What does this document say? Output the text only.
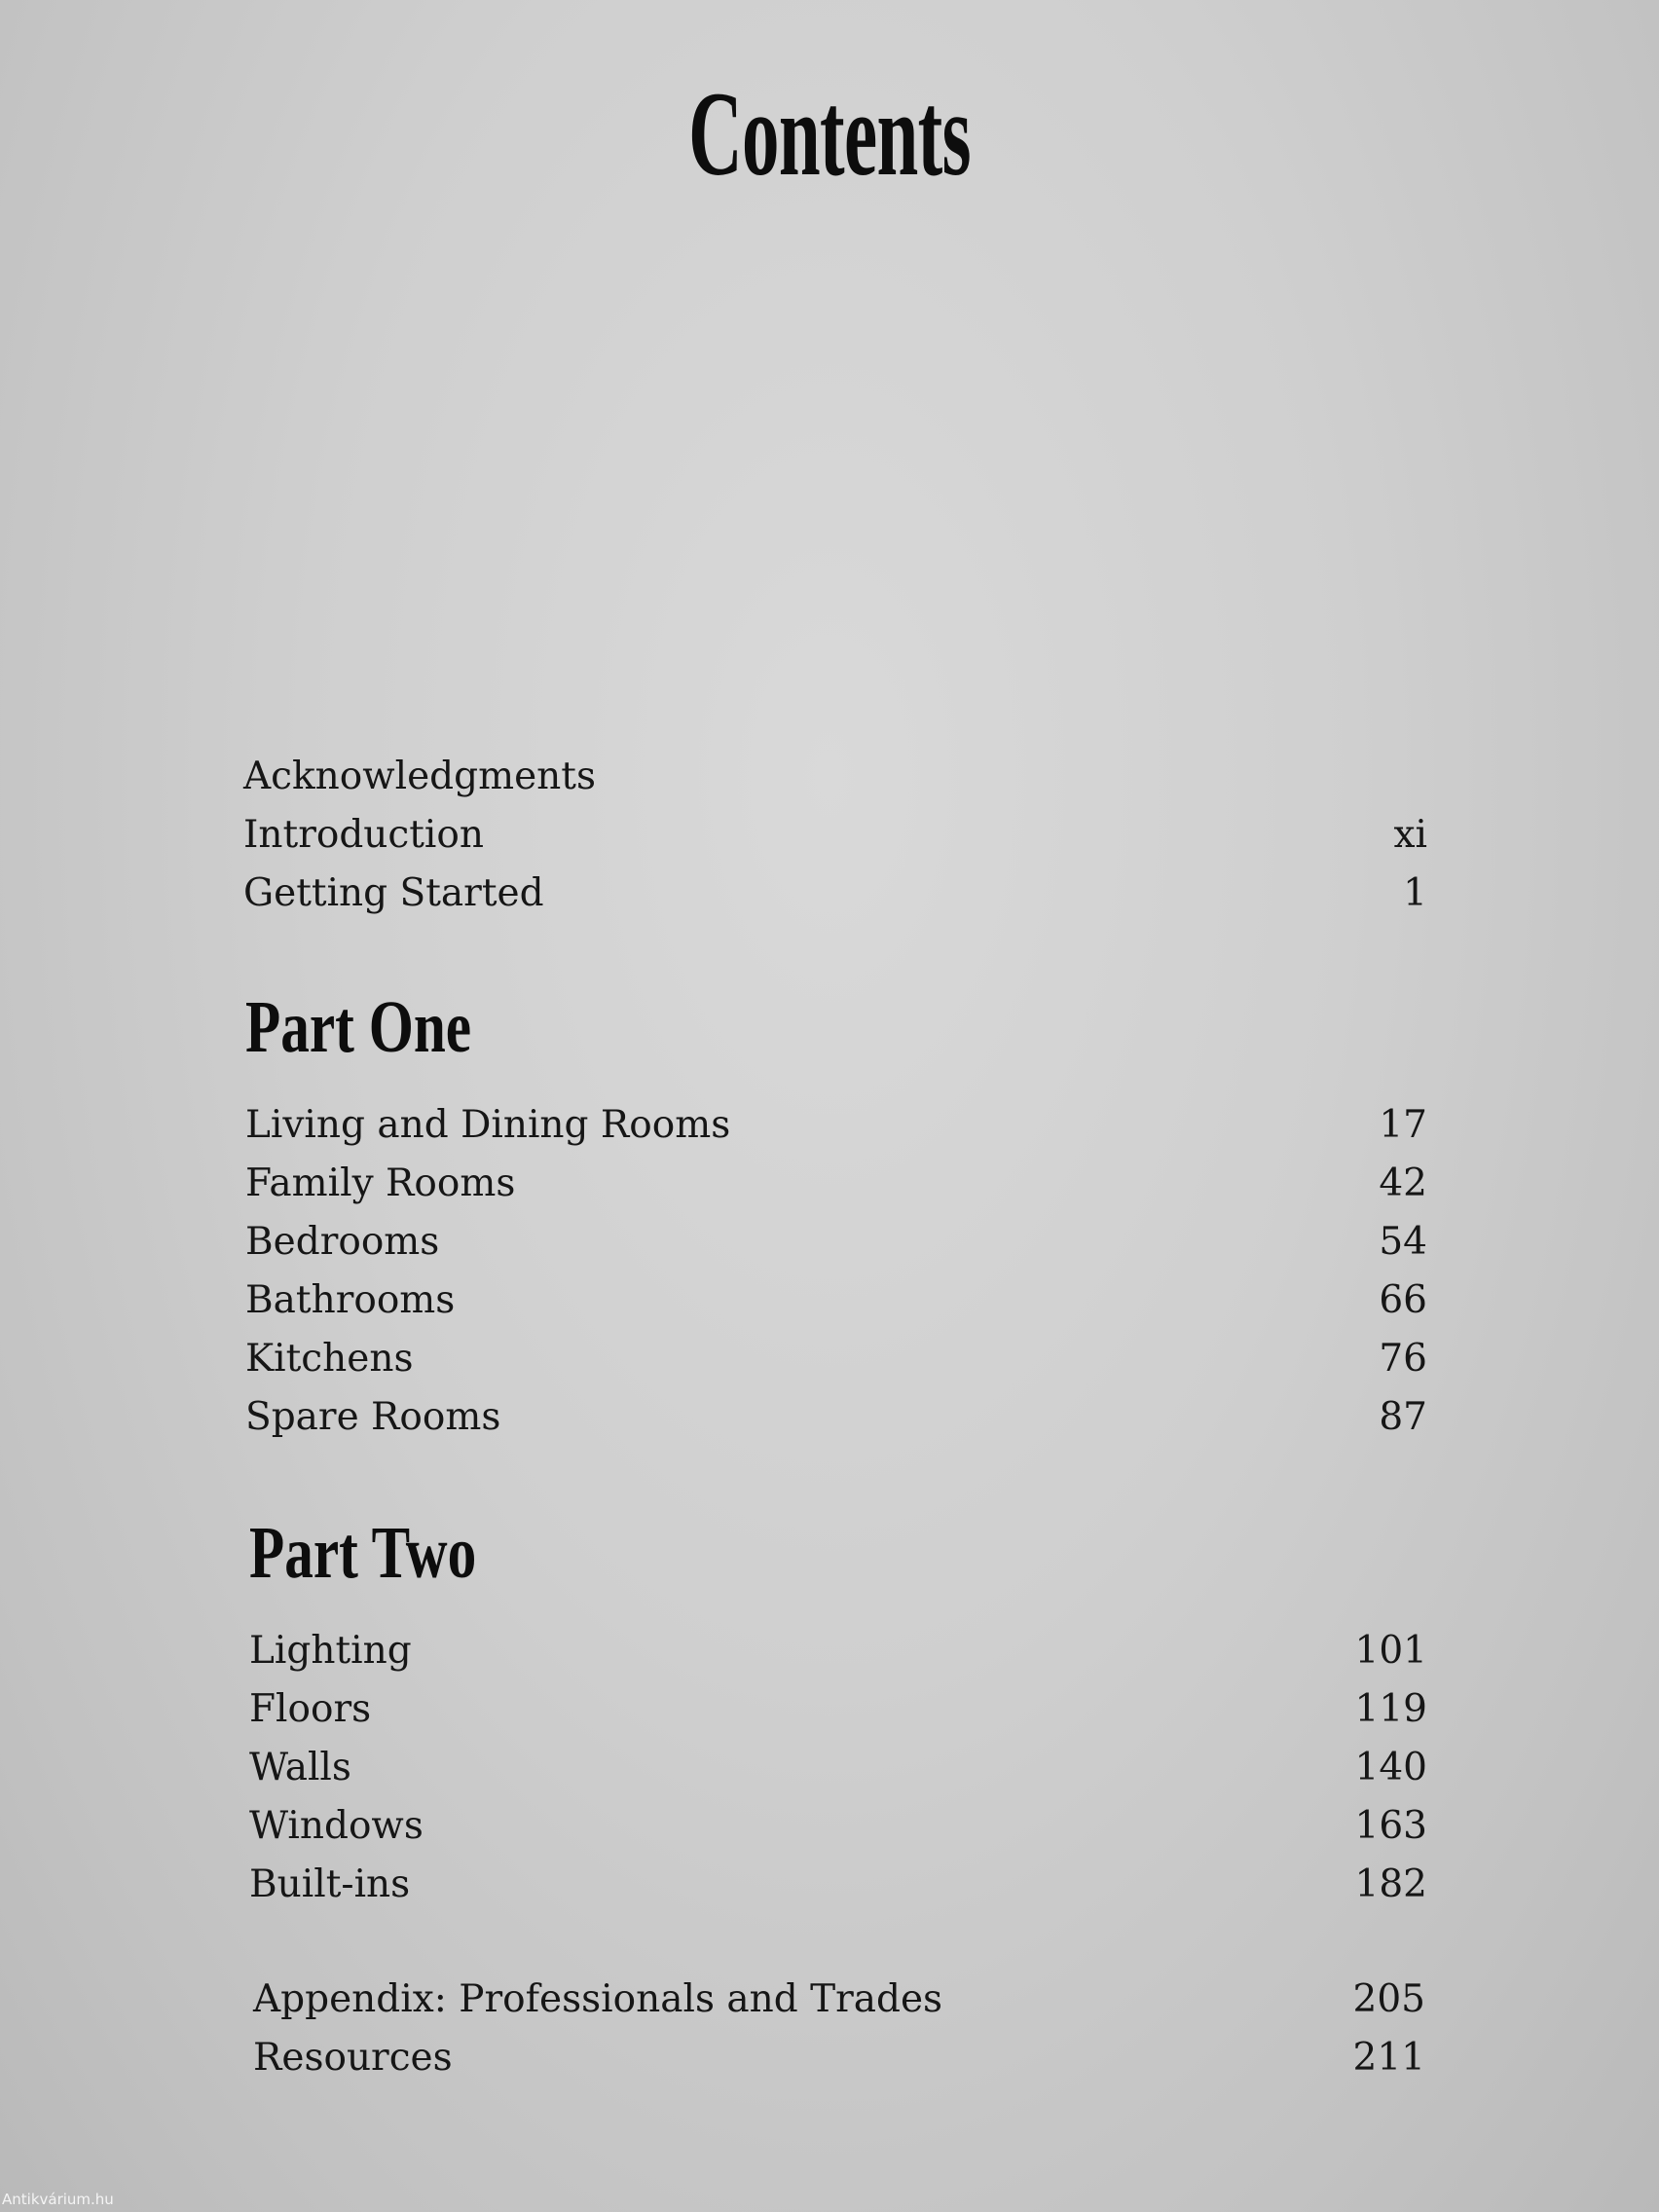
Contents
Acknowledgments
Introduction	xi
Getting Started	1
Part One
Living and Dining Rooms	17
Family Rooms	42
Bedrooms	54
Bathrooms	66
Kitchens	76
Spare Rooms	87
Part Two
Lighting	101
Floors	119
Walls	140
Windows	163
Built-ins	182
Appendix: Professionals and Trades	205
Resources	211
Antikvárium.hu
